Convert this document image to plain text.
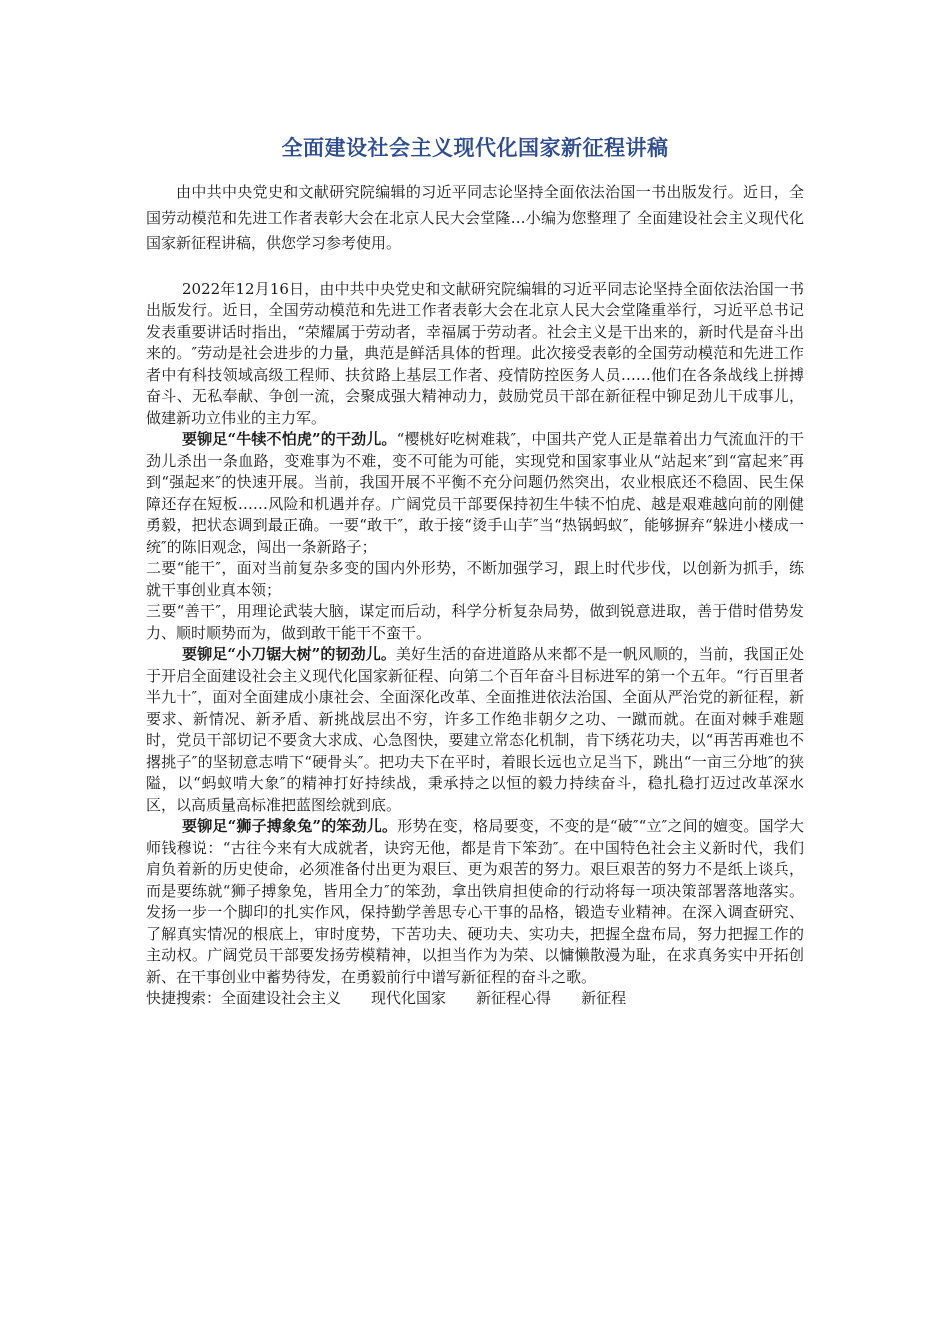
全面建设社会主义现代化国家新征程讲稿

由中共中央党史和文献研究院编辑的习近平同志论坚持全面依法治国一书出版发行。近日，全国劳动模范和先进工作者表彰大会在北京人民大会堂隆…小编为您整理了 全面建设社会主义现代化国家新征程讲稿，供您学习参考使用。

2022年12月16日，由中共中央党史和文献研究院编辑的习近平同志论坚持全面依法治国一书出版发行。近日，全国劳动模范和先进工作者表彰大会在北京人民大会堂隆重举行，习近平总书记发表重要讲话时指出，“荣耀属于劳动者，幸福属于劳动者。社会主义是干出来的，新时代是奋斗出来的。″劳动是社会进步的力量，典范是鲜活具体的哲理。此次接受表彰的全国劳动模范和先进工作者中有科技领域高级工程师、扶贫路上基层工作者、疫情防控医务人员……他们在各条战线上拼搏奋斗、无私奉献、争创一流，会聚成强大精神动力，鼓励党员干部在新征程中铆足劲儿干成事儿，做建新功立伟业的主力军。

要铆足“牛犊不怕虎”的干劲儿。“樱桃好吃树难栽″，中国共产党人正是靠着出力气流血汗的干劲儿杀出一条血路，变难事为不难，变不可能为可能，实现党和国家事业从“站起来″到“富起来″再到“强起来″的快速开展。当前，我国开展不平衡不充分问题仍然突出，农业根底还不稳固、民生保障还存在短板……风险和机遇并存。广阔党员干部要保持初生牛犊不怕虎、越是艰难越向前的刚健勇毅，把状态调到最正确。一要“敢干″，敢于接“烫手山芋″当“热锅蚂蚁″，能够摒弃“躲进小楼成一统″的陈旧观念，闯出一条新路子；

二要“能干″，面对当前复杂多变的国内外形势，不断加强学习，跟上时代步伐，以创新为抓手，练就干事创业真本领；

三要“善干″，用理论武装大脑，谋定而后动，科学分析复杂局势，做到锐意进取，善于借时借势发力、顺时顺势而为，做到敢干能干不蛮干。

要铆足“小刀锯大树”的韧劲儿。美好生活的奋进道路从来都不是一帆风顺的，当前，我国正处于开启全面建设社会主义现代化国家新征程、向第二个百年奋斗目标进军的第一个五年。“行百里者半九十″，面对全面建成小康社会、全面深化改革、全面推进依法治国、全面从严治党的新征程，新要求、新情况、新矛盾、新挑战层出不穷，许多工作绝非朝夕之功、一蹴而就。在面对棘手难题时，党员干部切记不要贪大求成、心急图快，要建立常态化机制，肯下绣花功夫，以“再苦再难也不撂挑子″的坚韧意志啃下“硬骨头″。把功夫下在平时，着眼长远也立足当下，跳出“一亩三分地″的狭隘，以“蚂蚁啃大象″的精神打好持续战，秉承持之以恒的毅力持续奋斗，稳扎稳打迈过改革深水区，以高质量高标准把蓝图绘就到底。

要铆足“狮子搏象兔”的笨劲儿。形势在变，格局要变，不变的是“破″“立″之间的嬗变。国学大师钱穆说：“古往今来有大成就者，诀窍无他，都是肯下笨劲″。在中国特色社会主义新时代，我们肩负着新的历史使命，必须准备付出更为艰巨、更为艰苦的努力。艰巨艰苦的努力不是纸上谈兵，而是要练就“狮子搏象兔，皆用全力″的笨劲，拿出铁肩担使命的行动将每一项决策部署落地落实。发扬一步一个脚印的扎实作风，保持勤学善思专心干事的品格，锻造专业精神。在深入调查研究、了解真实情况的根底上，审时度势，下苦功夫、硬功夫、实功夫，把握全盘布局，努力把握工作的主动权。广阔党员干部要发扬劳模精神，以担当作为为荣、以慵懒散漫为耻，在求真务实中开拓创新、在干事创业中蓄势待发，在勇毅前行中谱写新征程的奋斗之歌。

快捷搜索：全面建设社会主义 现代化国家 新征程心得 新征程
